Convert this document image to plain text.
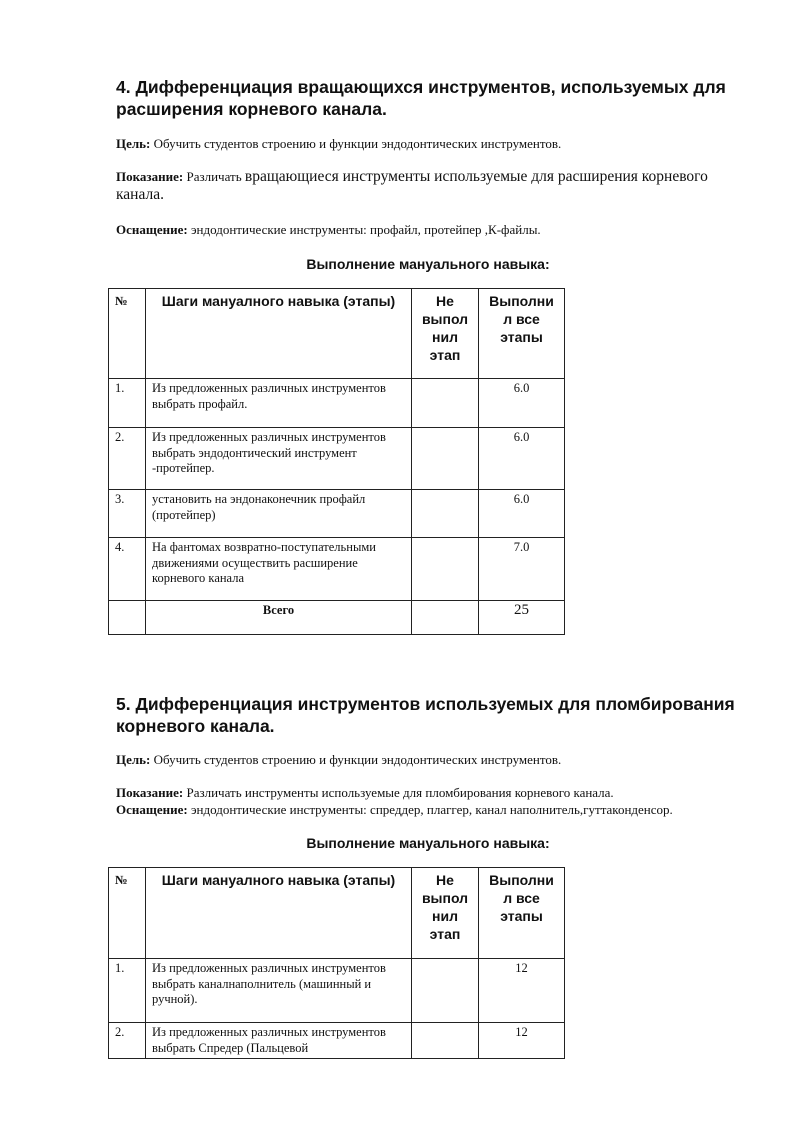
4. Дифференциация вращающихся инструментов, используемых для расширения корневого канала.

Цель: Обучить студентов строению и функции эндодонтических инструментов.

Показание: Различать вращающиеся инструменты используемые для расширения корневого канала.

Оснащение: эндодонтические инструменты: профайл, протейпер ,К-файлы.

Выполнение мануального навыка:

№	Шаги мануалного навыка (этапы)	Не выпол нил этап	Выполни л все этапы
1.	Из предложенных различных инструментов выбрать профайл.		6.0
2.	Из предложенных различных инструментов выбрать эндодонтический инструмент -протейпер.		6.0
3.	установить на эндонаконечник профайл (протейпер)		6.0
4.	На фантомах возвратно-поступательными движениями осуществить расширение корневого канала		7.0
	Всего		25
5. Дифференциация инструментов используемых для пломбирования корневого канала.

Цель: Обучить студентов строению и функции эндодонтических инструментов.

Показание: Различать инструменты используемые для пломбирования корневого канала.

Оснащение: эндодонтические инструменты: спреддер, плаггер, канал наполнитель,гуттаконденсор.

Выполнение мануального навыка:

№	Шаги мануалного навыка (этапы)	Не выпол нил этап	Выполни л все этапы
1.	Из предложенных различных инструментов выбрать каналнаполнитель (машинный и ручной).		12
2.	Из предложенных различных инструментов выбрать Спредер (Пальцевой		12
